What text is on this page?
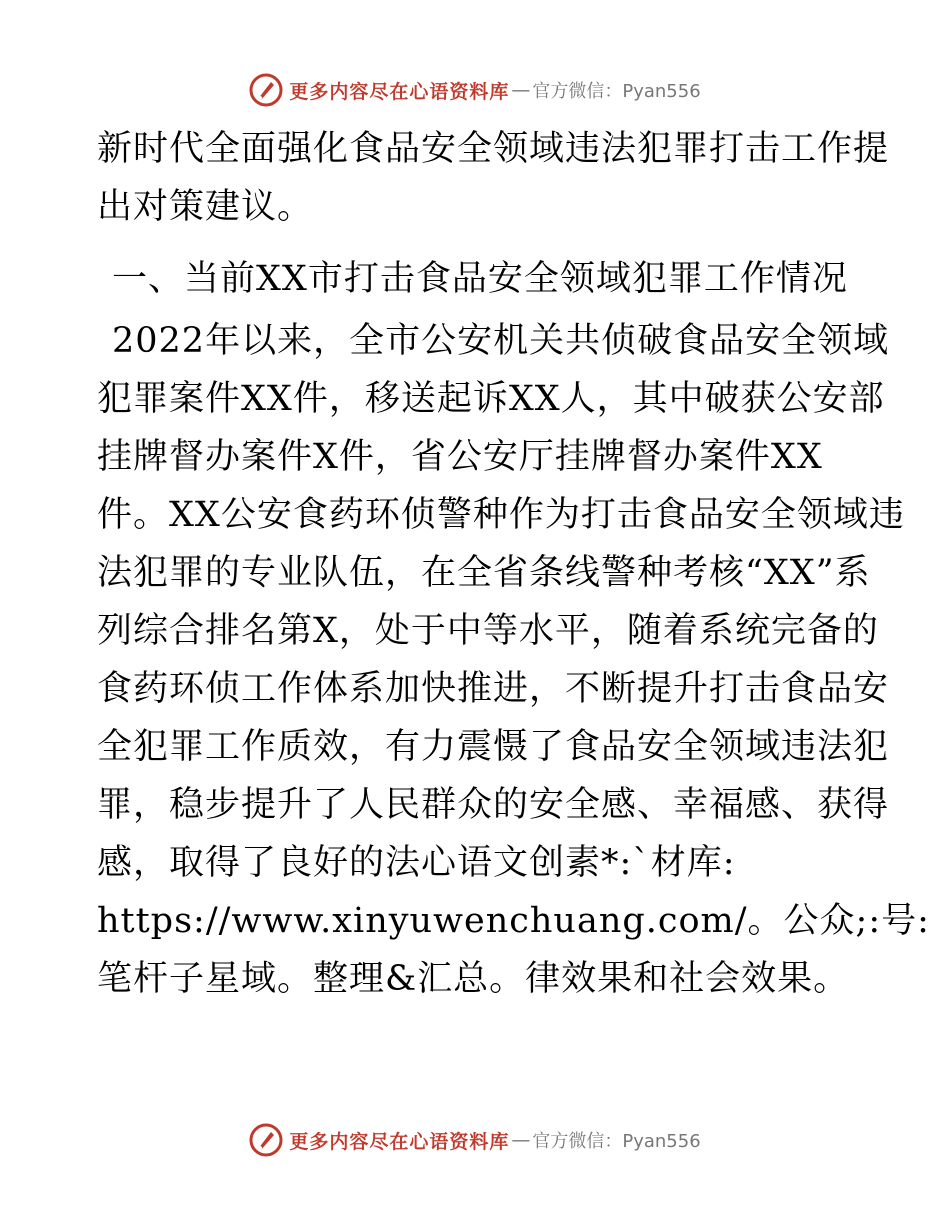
更多内容尽在心语资料库 — 官方微信：Pyan556
新时代全面强化食品安全领域违法犯罪打击工作提
出对策建议。
一、当前XX市打击食品安全领域犯罪工作情况
2022年以来，全市公安机关共侦破食品安全领域
犯罪案件XX件，移送起诉XX人，其中破获公安部
挂牌督办案件X件，省公安厅挂牌督办案件XX
件。XX公安食药环侦警种作为打击食品安全领域违
法犯罪的专业队伍，在全省条线警种考核“XX”系
列综合排名第X，处于中等水平，随着系统完备的
食药环侦工作体系加快推进，不断提升打击食品安
全犯罪工作质效，有力震慑了食品安全领域违法犯
罪，稳步提升了人民群众的安全感、幸福感、获得
感，取得了良好的法心语文创素*:`材库:
https://www.xinyuwenchuang.com/。公众;:号:
笔杆子星域。整理&汇总。律效果和社会效果。
更多内容尽在心语资料库 — 官方微信：Pyan556
